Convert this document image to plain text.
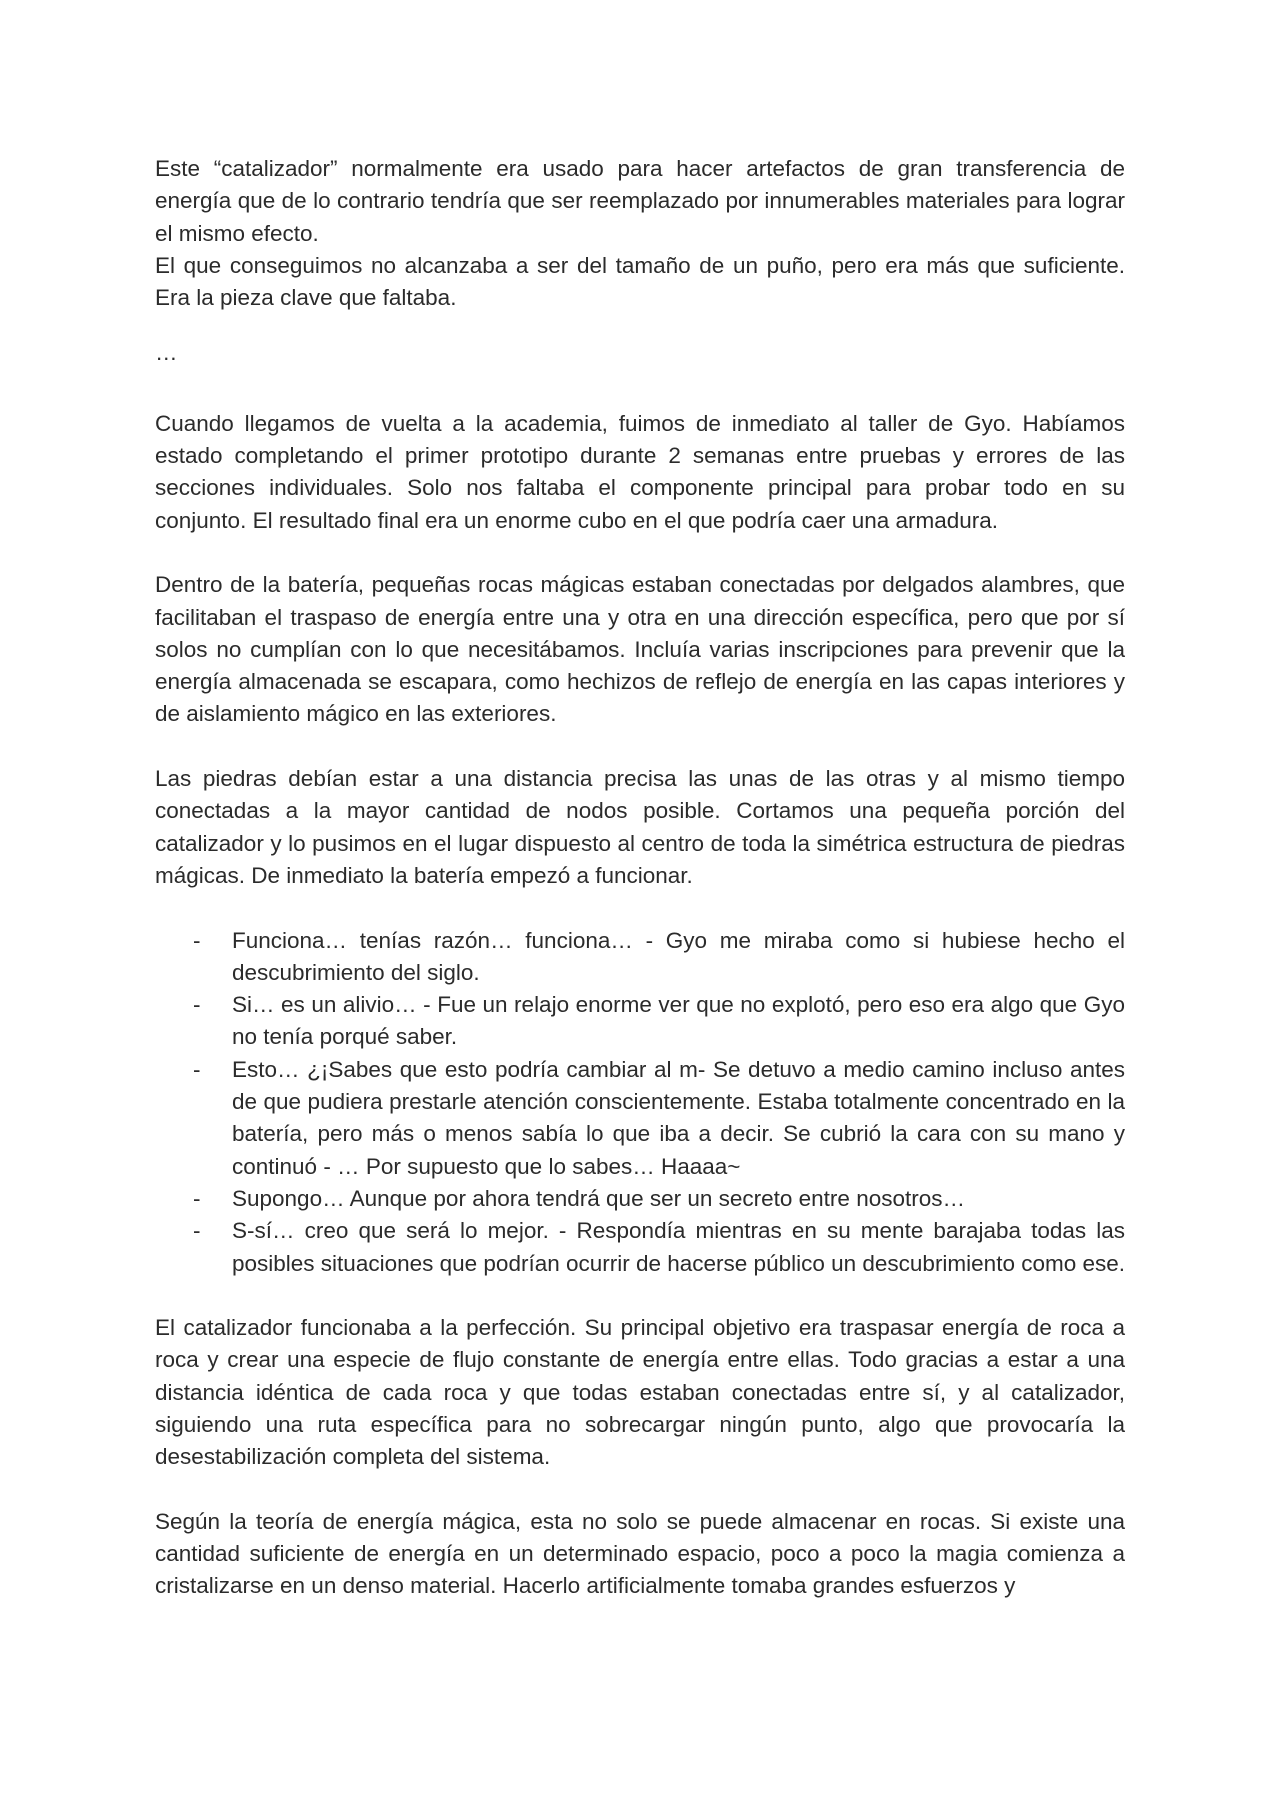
Este “catalizador” normalmente era usado para hacer artefactos de gran transferencia de energía que de lo contrario tendría que ser reemplazado por innumerables materiales para lograr el mismo efecto.

El que conseguimos no alcanzaba a ser del tamaño de un puño, pero era más que suficiente. Era la pieza clave que faltaba.

…

Cuando llegamos de vuelta a la academia, fuimos de inmediato al taller de Gyo. Habíamos estado completando el primer prototipo durante 2 semanas entre pruebas y errores de las secciones individuales. Solo nos faltaba el componente principal para probar todo en su conjunto. El resultado final era un enorme cubo en el que podría caer una armadura.

Dentro de la batería, pequeñas rocas mágicas estaban conectadas por delgados alambres, que facilitaban el traspaso de energía entre una y otra en una dirección específica, pero que por sí solos no cumplían con lo que necesitábamos. Incluía varias inscripciones para prevenir que la energía almacenada se escapara, como hechizos de reflejo de energía en las capas interiores y de aislamiento mágico en las exteriores.

Las piedras debían estar a una distancia precisa las unas de las otras y al mismo tiempo conectadas a la mayor cantidad de nodos posible. Cortamos una pequeña porción del catalizador y lo pusimos en el lugar dispuesto al centro de toda la simétrica estructura de piedras mágicas. De inmediato la batería empezó a funcionar.

- Funciona… tenías razón… funciona… - Gyo me miraba como si hubiese hecho el descubrimiento del siglo.
- Si… es un alivio… - Fue un relajo enorme ver que no explotó, pero eso era algo que Gyo no tenía porqué saber.
- Esto… ¿¡Sabes que esto podría cambiar al m- Se detuvo a medio camino incluso antes de que pudiera prestarle atención conscientemente. Estaba totalmente concentrado en la batería, pero más o menos sabía lo que iba a decir. Se cubrió la cara con su mano y continuó - … Por supuesto que lo sabes… Haaaa~
- Supongo… Aunque por ahora tendrá que ser un secreto entre nosotros…
- S-sí… creo que será lo mejor. - Respondía mientras en su mente barajaba todas las posibles situaciones que podrían ocurrir de hacerse público un descubrimiento como ese.

El catalizador funcionaba a la perfección. Su principal objetivo era traspasar energía de roca a roca y crear una especie de flujo constante de energía entre ellas. Todo gracias a estar a una distancia idéntica de cada roca y que todas estaban conectadas entre sí, y al catalizador, siguiendo una ruta específica para no sobrecargar ningún punto, algo que provocaría la desestabilización completa del sistema.

Según la teoría de energía mágica, esta no solo se puede almacenar en rocas. Si existe una cantidad suficiente de energía en un determinado espacio, poco a poco la magia comienza a cristalizarse en un denso material. Hacerlo artificialmente tomaba grandes esfuerzos y
